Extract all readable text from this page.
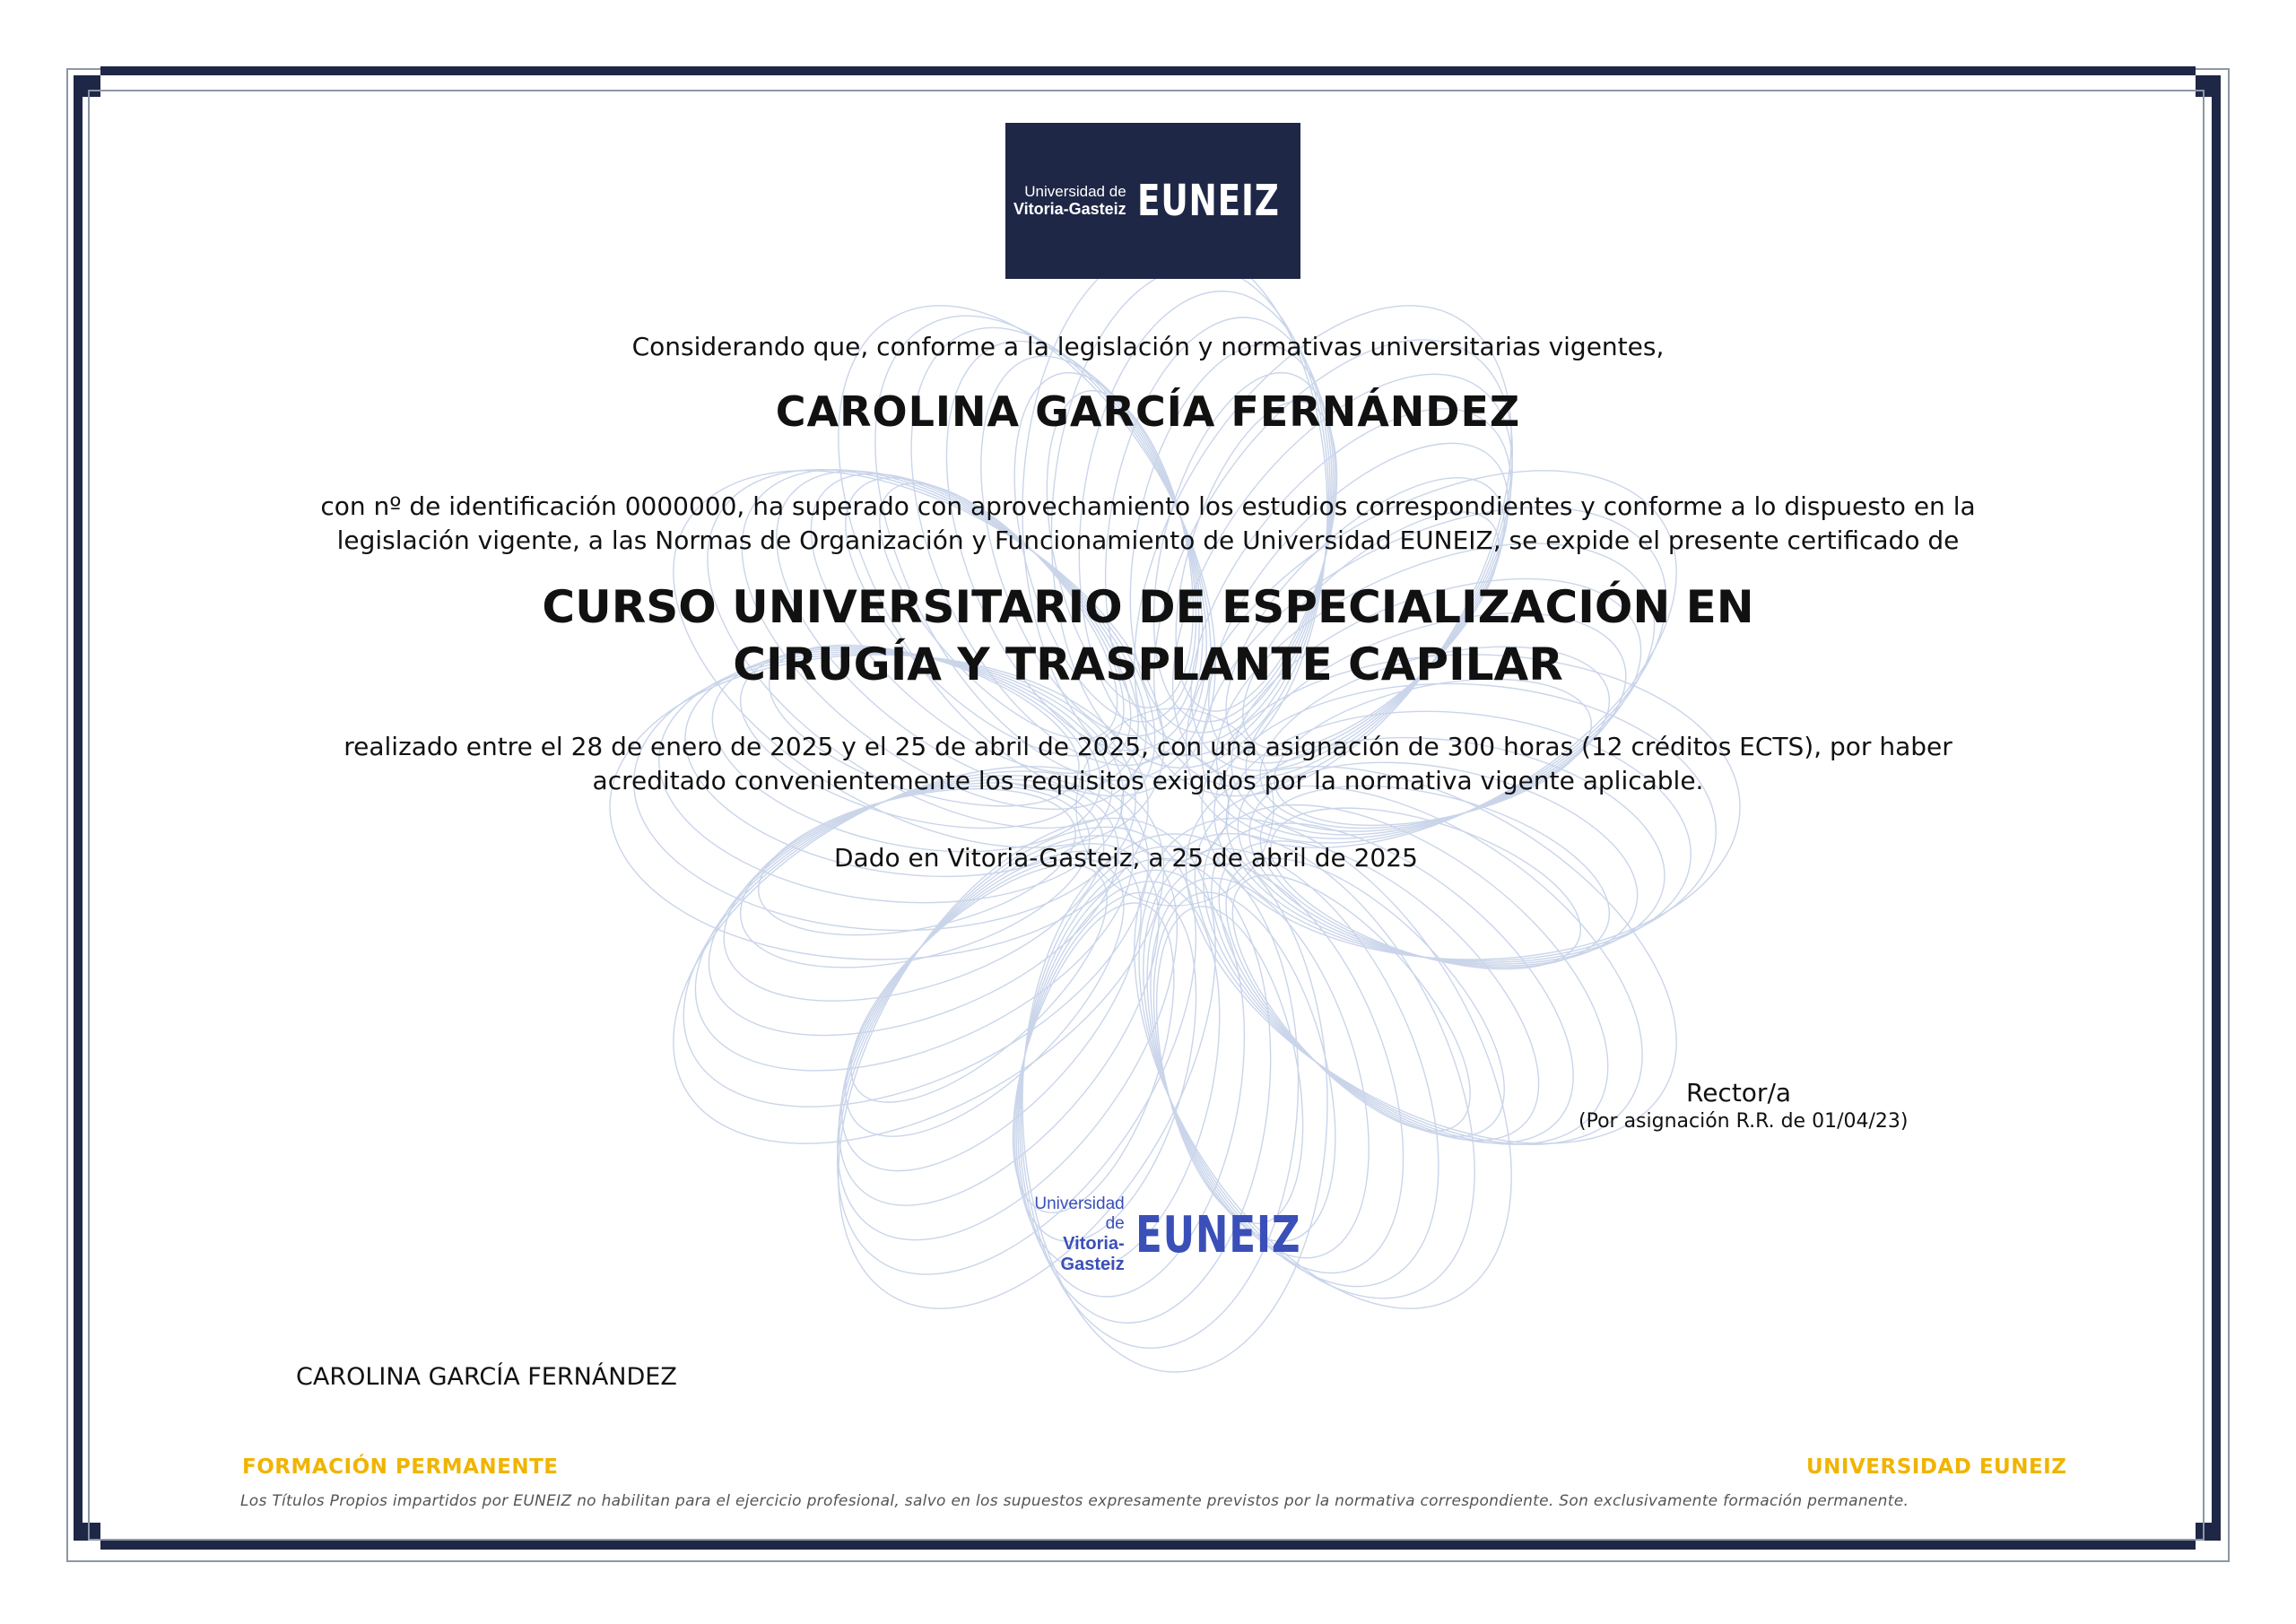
Universidad de
Vitoria-Gasteiz EUNEIZ
Considerando que, conforme a la legislación y normativas universitarias vigentes,
CAROLINA GARCÍA FERNÁNDEZ
con nº de identificación 0000000, ha superado con aprovechamiento los estudios correspondientes y conforme a lo dispuesto en la
legislación vigente, a las Normas de Organización y Funcionamiento de Universidad EUNEIZ, se expide el presente certificado de
CURSO UNIVERSITARIO DE ESPECIALIZACIÓN EN
CIRUGÍA Y TRASPLANTE CAPILAR
realizado entre el 28 de enero de 2025 y el 25 de abril de 2025, con una asignación de 300 horas (12 créditos ECTS), por haber
acreditado convenientemente los requisitos exigidos por la normativa vigente aplicable.
Dado en Vitoria-Gasteiz, a 25 de abril de 2025
Rector/a
(Por asignación R.R. de 01/04/23)
Universidad de
Vitoria-Gasteiz
EUNEIZ
CAROLINA GARCÍA FERNÁNDEZ
FORMACIÓN PERMANENTE	UNIVERSIDAD EUNEIZ
Los Títulos Propios impartidos por EUNEIZ no habilitan para el ejercicio profesional, salvo en los supuestos expresamente previstos por la normativa correspondiente. Son exclusivamente formación permanente.
